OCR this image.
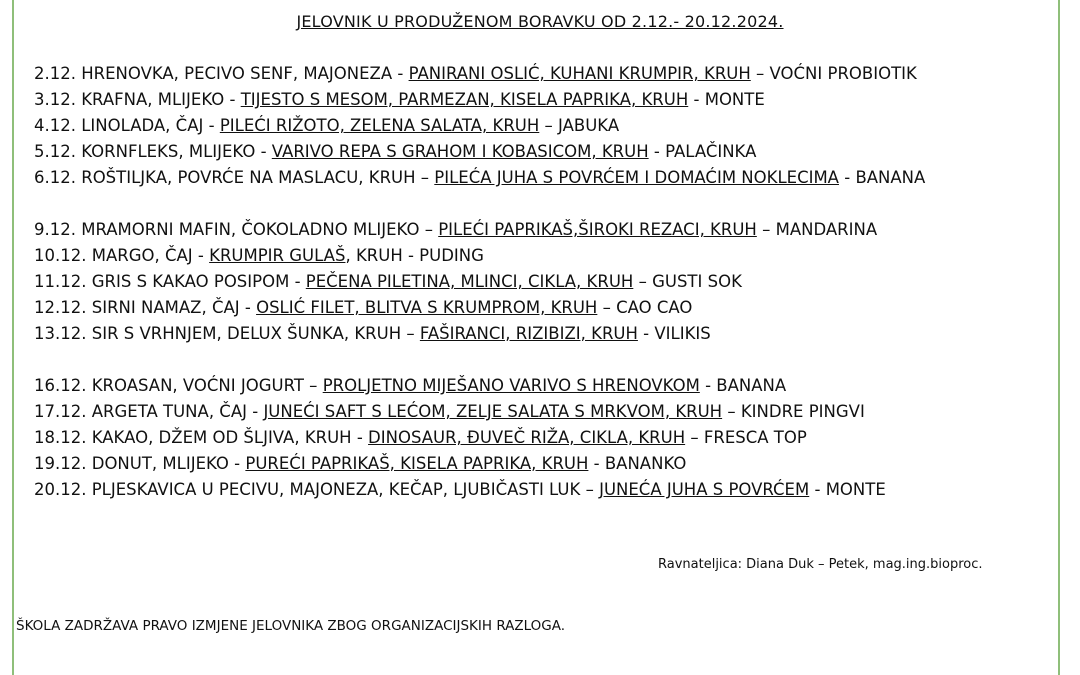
JELOVNIK U PRODUŽENOM BORAVKU OD 2.12.- 20.12.2024.
2.12. HRENOVKA, PECIVO SENF, MAJONEZA - PANIRANI OSLIĆ, KUHANI KRUMPIR, KRUH – VOĆNI PROBIOTIK
3.12. KRAFNA, MLIJEKO - TIJESTO S MESOM, PARMEZAN, KISELA PAPRIKA, KRUH - MONTE
4.12. LINOLADA, ČAJ - PILEĆI RIŽOTO, ZELENA SALATA, KRUH – JABUKA
5.12. KORNFLEKS, MLIJEKO - VARIVO REPA S GRAHOM I KOBASICOM, KRUH - PALAČINKA
6.12. ROŠTILJKA, POVRĆE NA MASLACU, KRUH – PILEĆA JUHA S POVRĆEM I DOMAĆIM NOKLECIMA - BANANA
9.12. MRAMORNI MAFIN, ČOKOLADNO MLIJEKO – PILEĆI PAPRIKAŠ,ŠIROKI REZACI, KRUH – MANDARINA
10.12. MARGO, ČAJ - KRUMPIR GULAŠ, KRUH - PUDING
11.12. GRIS S KAKAO POSIPOM - PEČENA PILETINA, MLINCI, CIKLA, KRUH – GUSTI SOK
12.12. SIRNI NAMAZ, ČAJ - OSLIĆ FILET, BLITVA S KRUMPROM, KRUH – CAO CAO
13.12. SIR S VRHNJEM, DELUX ŠUNKA, KRUH – FAŠIRANCI, RIZIBIZI, KRUH - VILIKIS
16.12. KROASAN, VOĆNI JOGURT – PROLJETNO MIJEŠANO VARIVO S HRENOVKOM - BANANA
17.12. ARGETA TUNA, ČAJ - JUNEĆI SAFT S LEĆOM, ZELJE SALATA S MRKVOM, KRUH – KINDRE PINGVI
18.12. KAKAO, DŽEM OD ŠLJIVA, KRUH - DINOSAUR, ĐUVEČ RIŽA, CIKLA, KRUH – FRESCA TOP
19.12. DONUT, MLIJEKO - PUREĆI PAPRIKAŠ, KISELA PAPRIKA, KRUH - BANANKO
20.12. PLJESKAVICA U PECIVU, MAJONEZA, KEČAP, LJUBIČASTI LUK – JUNEĆA JUHA S POVRĆEM - MONTE
Ravnateljica: Diana Duk – Petek, mag.ing.bioproc.
ŠKOLA ZADRŽAVA PRAVO IZMJENE JELOVNIKA ZBOG ORGANIZACIJSKIH RAZLOGA.
